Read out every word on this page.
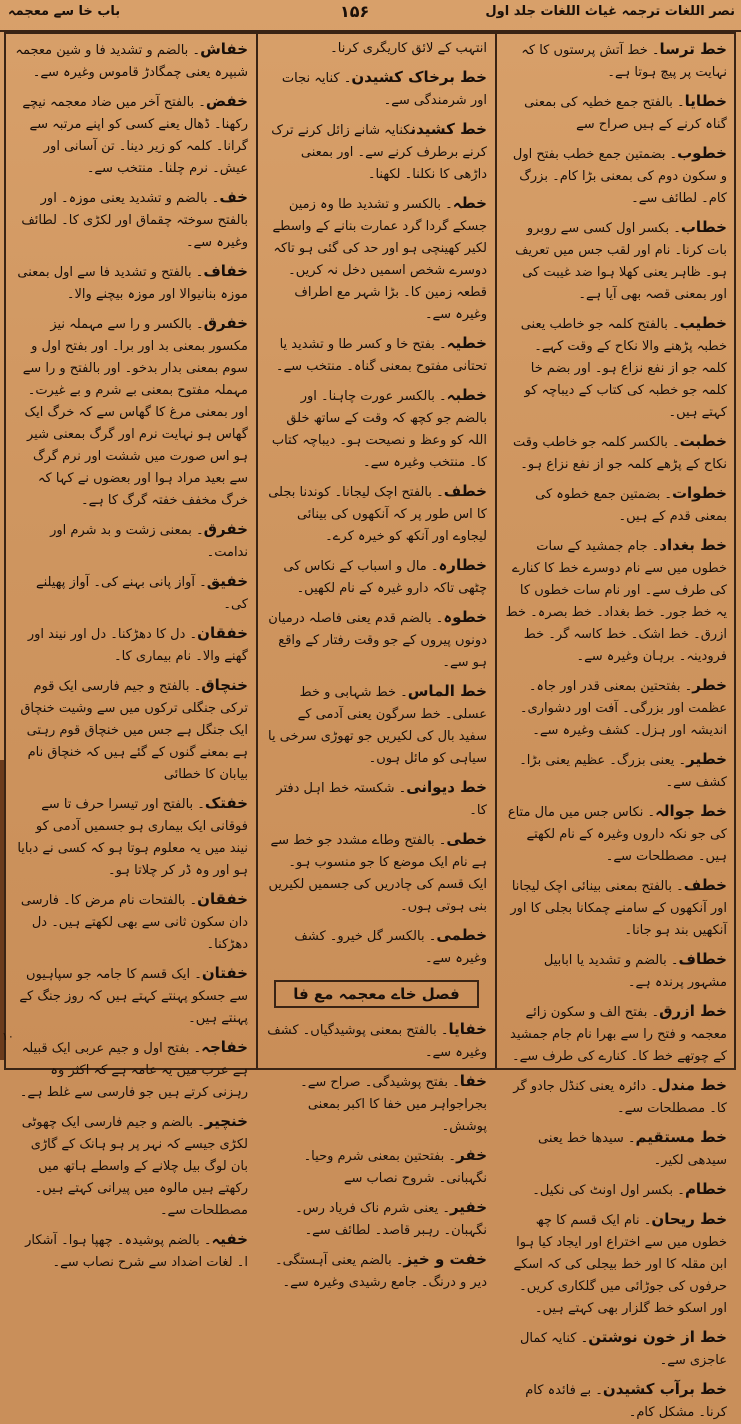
باب خا سے معجمہ	۱۵۶	نصر اللغات ترجمہ غیاث اللغات جلد اول
خط ترسا۔ خط آتش پرستوں کا کہ نہایت پر پیچ ہوتا ہے۔
خطایا۔ بالفتح جمع خطیہ کی بمعنی گناہ کرنے کے ہیں صراح سے
خطوب۔ بضمتین جمع خطب بفتح اول و سکون دوم کی بمعنی بڑا کام۔ بزرگ کام۔ لطائف سے۔
خطاب۔ بکسر اول کسی سے روبرو بات کرنا۔ نام اور لقب جس میں تعریف ہو۔ ظاہر یعنی کھلا ہوا ضد غیبت کی اور بمعنی قصہ بھی آیا ہے۔
خطیب۔ بالفتح کلمہ جو خاطب یعنی خطبہ پڑھنے والا نکاح کے وقت کہے۔ کلمہ جو از نفع نزاع ہو۔ اور بضم خا کلمہ جو خطبہ کی کتاب کے دیباچہ کو کہتے ہیں۔
خطبت۔ بالکسر کلمہ جو خاطب وقت نکاح کے پڑھے کلمہ جو از نفع نزاع ہو۔
خطوات۔ بضمتین جمع خطوہ کی بمعنی قدم کے ہیں۔
خط بغداد۔ جام جمشید کے سات خطوں میں سے نام دوسرے خط کا کنارے کی طرف سے۔ اور نام سات خطوں کا یہ خط جور۔ خط بغداد۔ خط بصرہ۔ خط ازرق۔ خط اشک۔ خط کاسہ گر۔ خط فرودینہ۔ برہان وغیرہ سے۔
خطر۔ بفتحتین بمعنی قدر اور جاہ۔ عظمت اور بزرگی۔ آفت اور دشواری۔ اندیشہ اور ہزل۔ کشف وغیرہ سے۔
خطیر۔ یعنی بزرگ۔ عظیم یعنی بڑا۔ کشف سے۔
خط جوالہ۔ نکاس جس میں مال متاع کی جو نکہ داروں وغیرہ کے نام لکھتے ہیں۔ مصطلحات سے۔
خطف۔ بالفتح بمعنی بینائی اچک لیجانا اور آنکھوں کے سامنے چمکانا بجلی کا اور آنکھیں بند ہو جانا۔
خطاف۔ بالضم و تشدید یا ابابیل مشہور پرندہ ہے۔
خط ازرق۔ بفتح الف و سکون زائے معجمہ و فتح را سے بھرا نام جام جمشید کے چوتھے خط کا۔ کنارے کی طرف سے۔
خط مندل۔ دائرہ یعنی کنڈل جادو گر کا۔ مصطلحات سے۔
خط مستقیم۔ سیدھا خط یعنی سیدھی لکیر۔
خطام۔ بکسر اول اونٹ کی نکیل۔
خط ریحان۔ نام ایک قسم کا چھ خطوں میں سے اختراع اور ایجاد کیا ہوا ابن مقلہ کا اور خط بیجلی کی کہ اسکے حرفوں کی جوڑائی میں گلکاری کریں۔ اور اسکو خط گلزار بھی کہتے ہیں۔
خط از خون نوشتن۔ کنایہ کمال عاجزی سے۔
خط برآب کشیدن۔ بے فائدہ کام کرنا۔ مشکل کام۔
انتہب کے لائق کاریگری کرنا۔
خط برخاک کشیدن۔ کنایہ نجات اور شرمندگی سے۔
خط کشیدنکنایہ شانے زائل کرنے ترک کرنے برطرف کرنے سے۔ اور بمعنی داڑھی کا نکلنا۔ لکھنا۔
خطہ۔ بالکسر و تشدید طا وہ زمین جسکے گردا گرد عمارت بنانے کے واسطے لکیر کھینچی ہو اور حد کی گئی ہو تاکہ دوسرے شخص اسمیں دخل نہ کریں۔ قطعہ زمین کا۔ بڑا شہر مع اطراف وغیرہ سے۔
خطیہ۔ بفتح خا و کسر طا و تشدید یا تحتانی مفتوح بمعنی گناہ۔ منتخب سے۔
خطبہ۔ بالکسر عورت چاہنا۔ اور بالضم جو کچھ کہ وقت کے ساتھ خلق اللہ کو وعظ و نصیحت ہو۔ دیباچہ کتاب کا۔ منتخب وغیرہ سے۔
خطف۔ بالفتح اچک لیجانا۔ کوندنا بجلی کا اس طور پر کہ آنکھوں کی بینائی لیجاوے اور آنکھ کو خیرہ کرے۔
خطارہ۔ مال و اسباب کے نکاس کی چٹھی تاکہ دارو غیرہ کے نام لکھیں۔
خطوہ۔ بالضم قدم یعنی فاصلہ درمیان دونوں پیروں کے جو وقت رفتار کے واقع ہو سے۔
خط الماس۔ خط شہابی و خط عسلی۔ خط سرگون یعنی آدمی کے سفید بال کی لکیریں جو تھوڑی سرخی یا سیاہی کو مائل ہوں۔
خط دیوانی۔ شکستہ خط اہل دفتر کا۔
خطی۔ بالفتح وطاے مشدد جو خط سے ہے نام ایک موضع کا جو منسوب ہو۔ ایک قسم کی چادریں کی جسمیں لکیریں بنی ہوتی ہوں۔
خطمی۔ بالکسر گل خیرو۔ کشف وغیرہ سے۔
فصل خاے معجمہ مع فا
خفایا۔ بالفتح بمعنی پوشیدگیاں۔ کشف وغیرہ سے۔
خفا۔ بفتح پوشیدگی۔ صراح سے۔ بجراجواہر میں خفا کا اکبر بمعنی پوشش۔
خفر۔ بفتحتین بمعنی شرم وحیا۔ نگہبانی۔ شروح نصاب سے
خفیر۔ یعنی شرم ناک فریاد رس۔ نگہبان۔ رہبر قاصد۔ لطائف سے۔
خفت و خیز۔ بالضم یعنی آہستگی۔ دیر و درنگ۔ جامع رشیدی وغیرہ سے۔
خفاش۔ بالضم و تشدید فا و شین معجمہ شبپرہ یعنی چمگادڑ قاموس وغیرہ سے۔
خفض۔ بالفتح آخر میں ضاد معجمہ نیچے رکھنا۔ ڈھال یعنے کسی کو اپنے مرتبہ سے گرانا۔ کلمہ کو زیر دینا۔ تن آسانی اور عیش۔ نرم چلنا۔ منتخب سے۔
خف۔ بالضم و تشدید یعنی موزہ۔ اور بالفتح سوختہ چقماق اور لکڑی کا۔ لطائف وغیرہ سے۔
خفاف۔ بالفتح و تشدید فا سے اول بمعنی موزہ بنانیوالا اور موزہ بیچنے والا۔
خفرق۔ بالکسر و را سے مہملہ نیز مکسور بمعنی بد اور برا۔ اور بفتح اول و سوم بمعنی بدار بدخو۔ اور بالفتح و را سے مہملہ مفتوح بمعنی بے شرم و بے غیرت۔ اور بمعنی مرغ کا گھاس سے کہ خرگ ایک گھاس ہو نہایت نرم اور گرگ بمعنی شیر ہو اس صورت میں ششت اور نرم گرگ سے بعید مراد ہوا اور بعضوں نے کہا کہ خرگ مخفف خفتہ گرگ کا ہے۔
خفرق۔ بمعنی زشت و بد شرم اور ندامت۔
خفیق۔ آواز پانی بہنے کی۔ آواز پھیلنے کی۔
خفقان۔ دل کا دھڑکنا۔ دل اور نیند اور گھنے والا۔ نام بیماری کا۔
خنچاق۔ بالفتح و جیم فارسی ایک قوم ترکی جنگلی ترکوں میں سے وشیت خنچاق ایک جنگل ہے جس میں خنچاق قوم رہتی ہے بمعنے گنوں کے گئے ہیں کہ خنچاق نام بیابان کا خطائی
خفتک۔ بالفتح اور تیسرا حرف تا سے فوقانی ایک بیماری ہو جسمیں آدمی کو نیند میں یہ معلوم ہوتا ہو کہ کسی نے دبایا ہو اور وہ ڈر کر چلاتا ہو۔
خفقان۔ بالفتحات نام مرض کا۔ فارسی دان سکون ثانی سے بھی لکھتے ہیں۔ دل دھڑکنا۔
خفتان۔ ایک قسم کا جامہ جو سپاہیوں سے جسکو پہنتے کہتے ہیں کہ روز جنگ کے پہنتے ہیں۔
خفاجہ۔ بفتح اول و جیم عربی ایک قبیلہ ہے عرب میں یہ عامہ ہے کہ اکثر وہ رہزنی کرتے ہیں جو فارسی سے غلط ہے۔
خنچیر۔ بالضم و جیم فارسی ایک چھوٹی لکڑی جیسے کہ نہر پر ہو ہانک کے گاڑی بان لوگ بیل چلانے کے واسطے ہاتھ میں رکھتے ہیں مالوہ میں پیرانی کہتے ہیں۔ مصطلحات سے۔
خفیہ۔ بالضم پوشیدہ۔ چھپا ہوا۔ آشکار ا۔ لغات اضداد سے شرح نصاب سے۔
۱۰
